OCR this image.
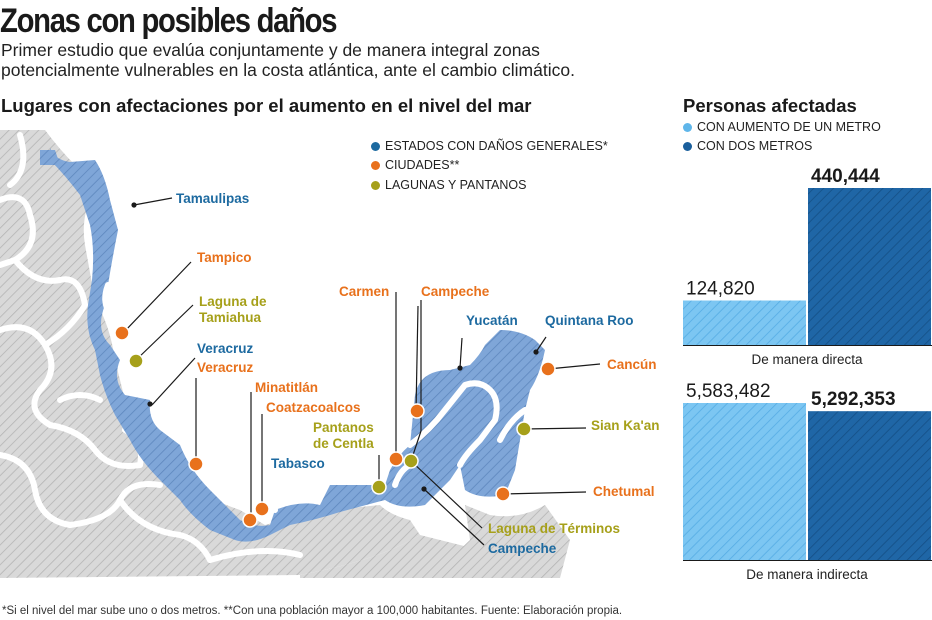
Zonas con posibles daños
Primer estudio que evalúa conjuntamente y de manera integral zonas
potencialmente vulnerables en la costa atlántica, ante el cambio climático.
Lugares con afectaciones por el aumento en el nivel del mar	Personas afectadas
ESTADOS CON DAÑOS GENERALES*
CIUDADES**
LAGUNAS Y PANTANOS
Tamaulipas
Tampico
Laguna de
Tamiahua
Veracruz
Veracruz
Minatitlán
Coatzacoalcos
Pantanos
de Centla
Tabasco
Carmen Campeche
Yucatán Quintana Roo
Cancún
Sian Ka'an
Chetumal
Laguna de Términos
Campeche
CON AUMENTO DE UN METRO
CON DOS METROS
124,820
440,444
De manera directa
5,583,482 5,292,353
De manera indirecta
*Si el nivel del mar sube uno o dos metros. **Con una población mayor a 100,000 habitantes. Fuente: Elaboración propia.
